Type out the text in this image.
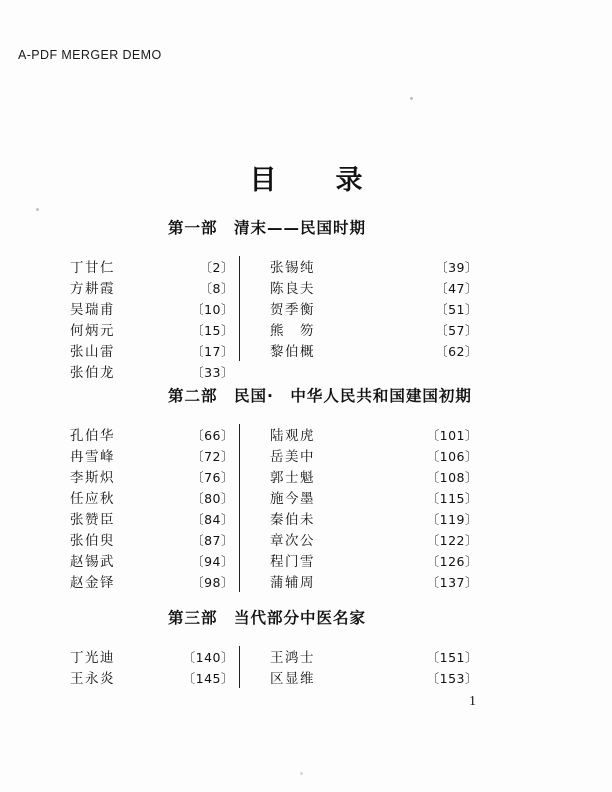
A-PDF MERGER DEMO
目　录
第一部　清末——民国时期
丁甘仁	〔2〕	张锡纯	〔39〕
方耕霞	〔8〕	陈良夫	〔47〕
吴瑞甫	〔10〕	贺季衡	〔51〕
何炳元	〔15〕	熊　笏	〔57〕
张山雷	〔17〕	黎伯概	〔62〕
张伯龙	〔33〕
第二部　民国·　中华人民共和国建国初期
孔伯华	〔66〕	陆观虎	〔101〕
冉雪峰	〔72〕	岳美中	〔106〕
李斯炽	〔76〕	郭士魁	〔108〕
任应秋	〔80〕	施今墨	〔115〕
张赞臣	〔84〕	秦伯未	〔119〕
张伯臾	〔87〕	章次公	〔122〕
赵锡武	〔94〕	程门雪	〔126〕
赵金铎	〔98〕	蒲辅周	〔137〕
第三部　当代部分中医名家
丁光迪	〔140〕	王鸿士	〔151〕
王永炎	〔145〕	区显维	〔153〕
1
